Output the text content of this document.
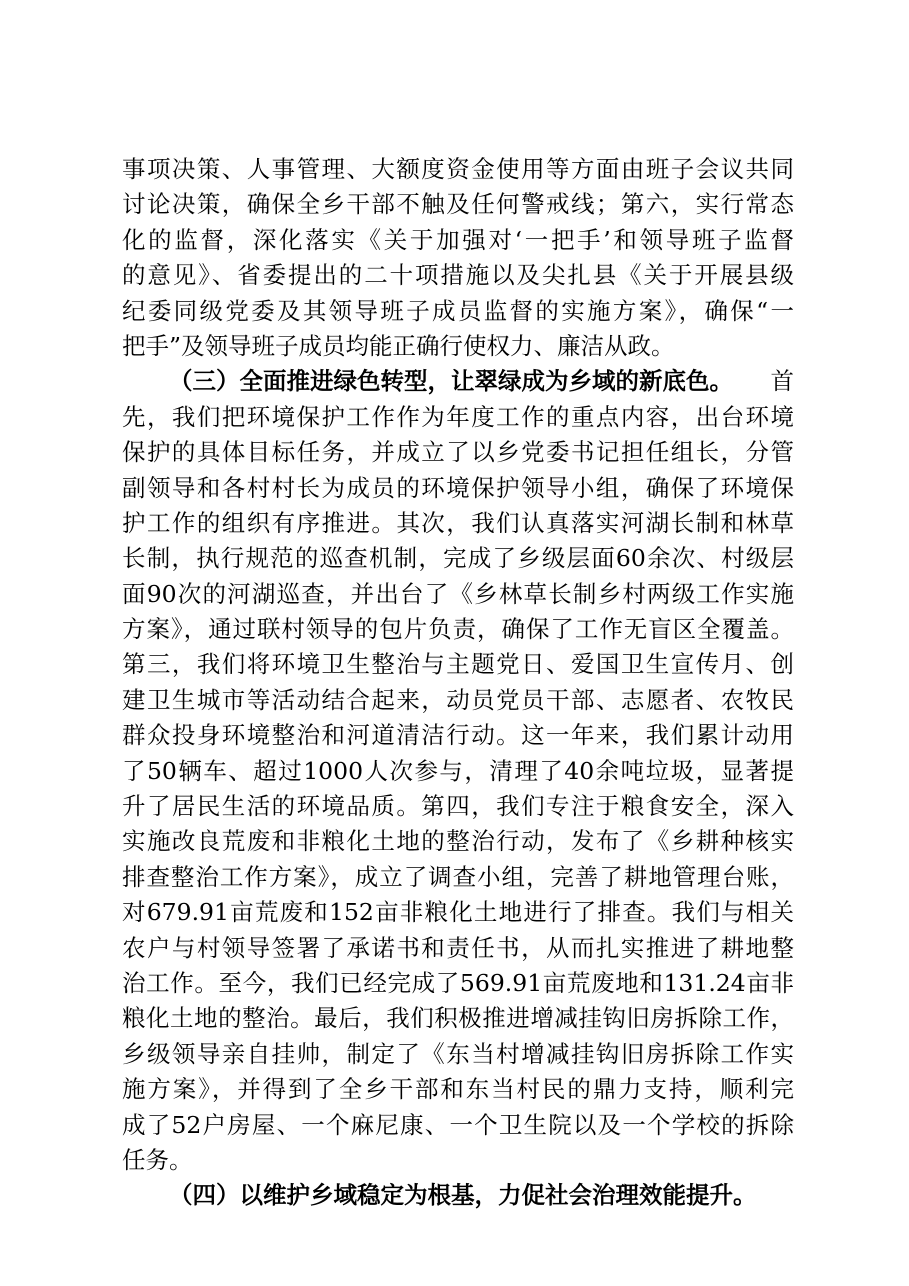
事项决策、人事管理、大额度资金使用等方面由班子会议共同
讨论决策，确保全乡干部不触及任何警戒线；第六，实行常态
化的监督，深化落实《关于加强对‘一把手’和领导班子监督
的意见》、省委提出的二十项措施以及尖扎县《关于开展县级
纪委同级党委及其领导班子成员监督的实施方案》，确保“一
把手”及领导班子成员均能正确行使权力、廉洁从政。
（三）全面推进绿色转型，让翠绿成为乡域的新底色。 首
先，我们把环境保护工作作为年度工作的重点内容，出台环境
保护的具体目标任务，并成立了以乡党委书记担任组长，分管
副领导和各村村长为成员的环境保护领导小组，确保了环境保
护工作的组织有序推进。其次，我们认真落实河湖长制和林草
长制，执行规范的巡查机制，完成了乡级层面60余次、村级层
面90次的河湖巡查，并出台了《乡林草长制乡村两级工作实施
方案》，通过联村领导的包片负责，确保了工作无盲区全覆盖。
第三，我们将环境卫生整治与主题党日、爱国卫生宣传月、创
建卫生城市等活动结合起来，动员党员干部、志愿者、农牧民
群众投身环境整治和河道清洁行动。这一年来，我们累计动用
了50辆车、超过1000人次参与，清理了40余吨垃圾，显著提
升了居民生活的环境品质。第四，我们专注于粮食安全，深入
实施改良荒废和非粮化土地的整治行动，发布了《乡耕种核实
排查整治工作方案》，成立了调查小组，完善了耕地管理台账，
对679.91亩荒废和152亩非粮化土地进行了排查。我们与相关
农户与村领导签署了承诺书和责任书，从而扎实推进了耕地整
治工作。至今，我们已经完成了569.91亩荒废地和131.24亩非
粮化土地的整治。最后，我们积极推进增减挂钩旧房拆除工作，
乡级领导亲自挂帅，制定了《东当村增减挂钩旧房拆除工作实
施方案》，并得到了全乡干部和东当村民的鼎力支持，顺利完
成了52户房屋、一个麻尼康、一个卫生院以及一个学校的拆除
任务。
（四）以维护乡域稳定为根基，力促社会治理效能提升。
